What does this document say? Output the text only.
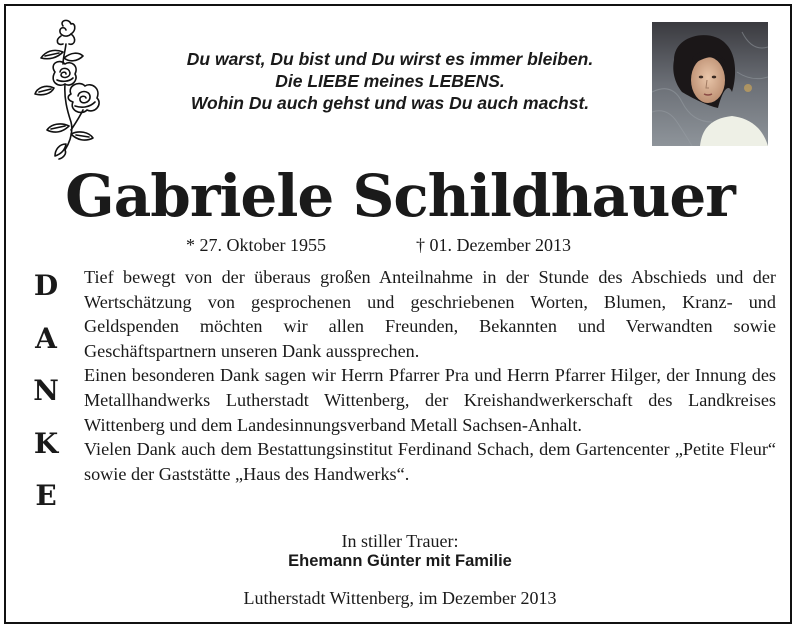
Du warst, Du bist und Du wirst es immer bleiben.
Die LIEBE meines LEBENS.
Wohin Du auch gehst und was Du auch machst.
Gabriele Schildhauer
* 27. Oktober 1955	† 01. Dezember 2013
D
A
N
K
E

Tief bewegt von der überaus großen Anteilnahme in der Stunde des Abschieds und der Wertschätzung von gesprochenen und geschriebenen Worten, Blumen, Kranz- und Geldspenden möchten wir allen Freunden, Bekannten und Verwandten sowie Geschäftspartnern unseren Dank aussprechen.

Einen besonderen Dank sagen wir Herrn Pfarrer Pra und Herrn Pfarrer Hilger, der Innung des Metallhandwerks Lutherstadt Wittenberg, der Kreishandwerkerschaft des Landkreises Wittenberg und dem Landesinnungsverband Metall Sachsen-Anhalt.

Vielen Dank auch dem Bestattungsinstitut Ferdinand Schach, dem Gartencenter „Petite Fleur“ sowie der Gaststätte „Haus des Handwerks“.

In stiller Trauer:
Ehemann Günter mit Familie
Lutherstadt Wittenberg, im Dezember 2013
